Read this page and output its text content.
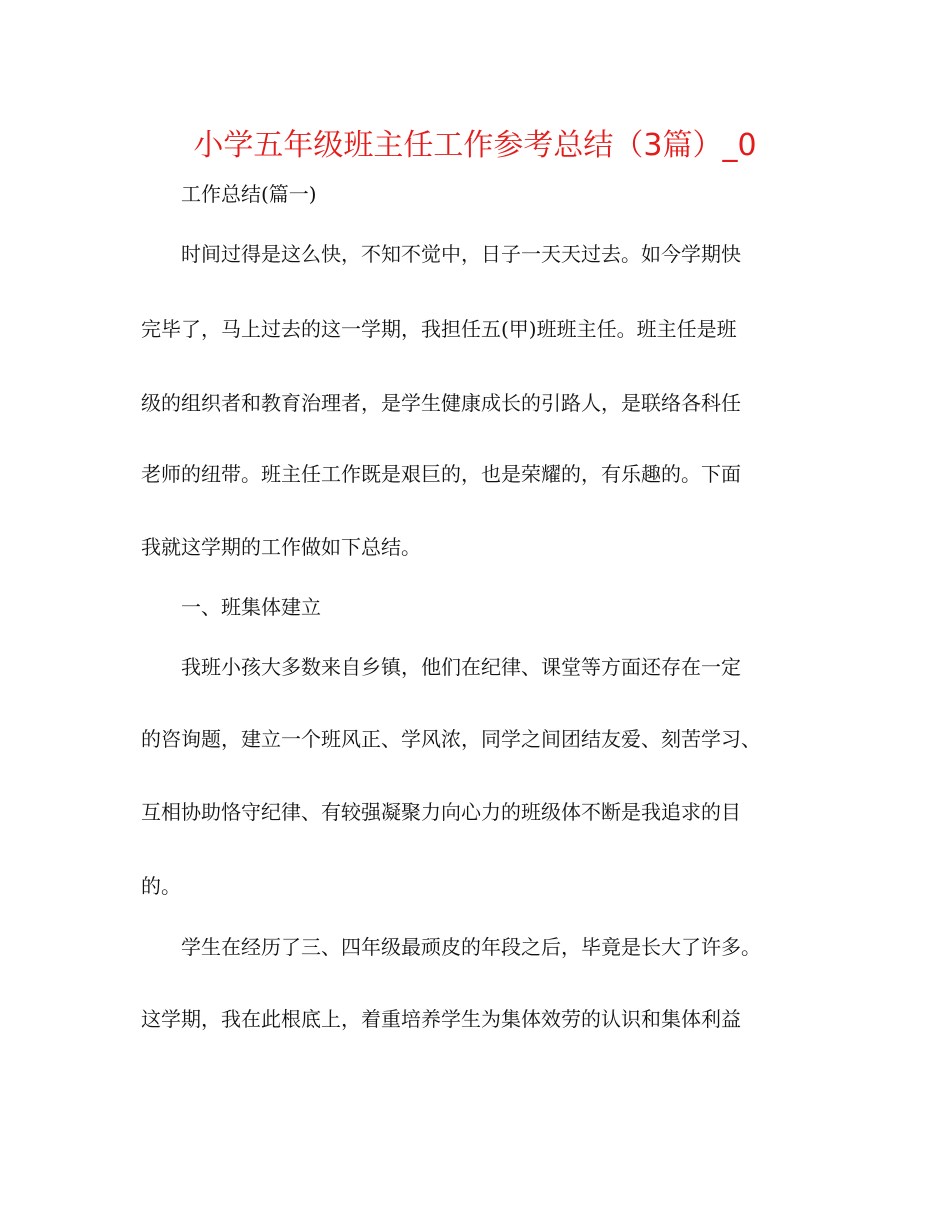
小学五年级班主任工作参考总结（3篇）_0

工作总结(篇一)

时间过得是这么快，不知不觉中，日子一天天过去。如今学期快

完毕了，马上过去的这一学期，我担任五(甲)班班主任。班主任是班

级的组织者和教育治理者，是学生健康成长的引路人，是联络各科任

老师的纽带。班主任工作既是艰巨的，也是荣耀的，有乐趣的。下面

我就这学期的工作做如下总结。

一、班集体建立

我班小孩大多数来自乡镇，他们在纪律、课堂等方面还存在一定

的咨询题，建立一个班风正、学风浓，同学之间团结友爱、刻苦学习、

互相协助恪守纪律、有较强凝聚力向心力的班级体不断是我追求的目

的。

学生在经历了三、四年级最顽皮的年段之后，毕竟是长大了许多。

这学期，我在此根底上，着重培养学生为集体效劳的认识和集体利益
